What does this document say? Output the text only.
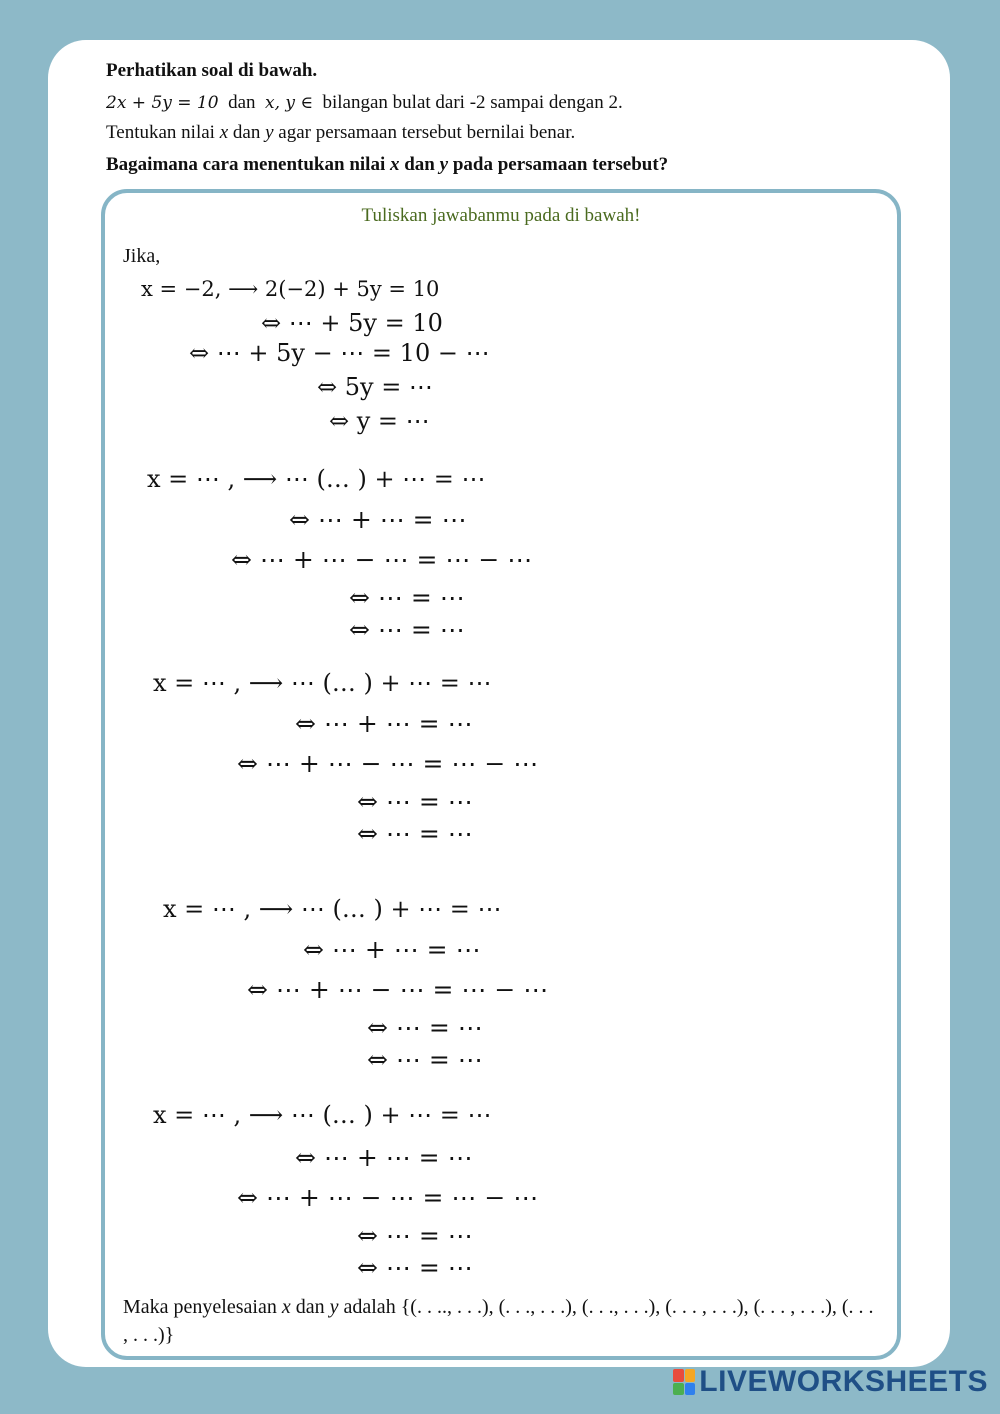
Perhatikan soal di bawah.
2x + 5y = 10 dan x, y ∈ bilangan bulat dari -2 sampai dengan 2.
Tentukan nilai x dan y agar persamaan tersebut bernilai benar.
Bagaimana cara menentukan nilai x dan y pada persamaan tersebut?
Tuliskan jawabanmu pada di bawah!
Jika,
x = −2, ⟶ 2(−2) + 5y = 10
⇔ ⋯ + 5y = 10
⇔ ⋯ + 5y − ⋯ = 10 − ⋯
⇔ 5y = ⋯
⇔ y = ⋯
x = ⋯ , ⟶ ⋯ (… ) + ⋯ = ⋯
⇔ ⋯ + ⋯ = ⋯
⇔ ⋯ + ⋯ − ⋯ = ⋯ − ⋯
⇔ ⋯ = ⋯
⇔ ⋯ = ⋯
x = ⋯ , ⟶ ⋯ (… ) + ⋯ = ⋯
⇔ ⋯ + ⋯ = ⋯
⇔ ⋯ + ⋯ − ⋯ = ⋯ − ⋯
⇔ ⋯ = ⋯
⇔ ⋯ = ⋯
x = ⋯ , ⟶ ⋯ (… ) + ⋯ = ⋯
⇔ ⋯ + ⋯ = ⋯
⇔ ⋯ + ⋯ − ⋯ = ⋯ − ⋯
⇔ ⋯ = ⋯
⇔ ⋯ = ⋯
x = ⋯ , ⟶ ⋯ (… ) + ⋯ = ⋯
⇔ ⋯ + ⋯ = ⋯
⇔ ⋯ + ⋯ − ⋯ = ⋯ − ⋯
⇔ ⋯ = ⋯
⇔ ⋯ = ⋯
Maka penyelesaian x dan y adalah {(. . .., . . .), (. . ., . . .), (. . ., . . .), (. . . , . . .), (. . . , . . .), (. . . , . . .)}
LIVEWORKSHEETS
